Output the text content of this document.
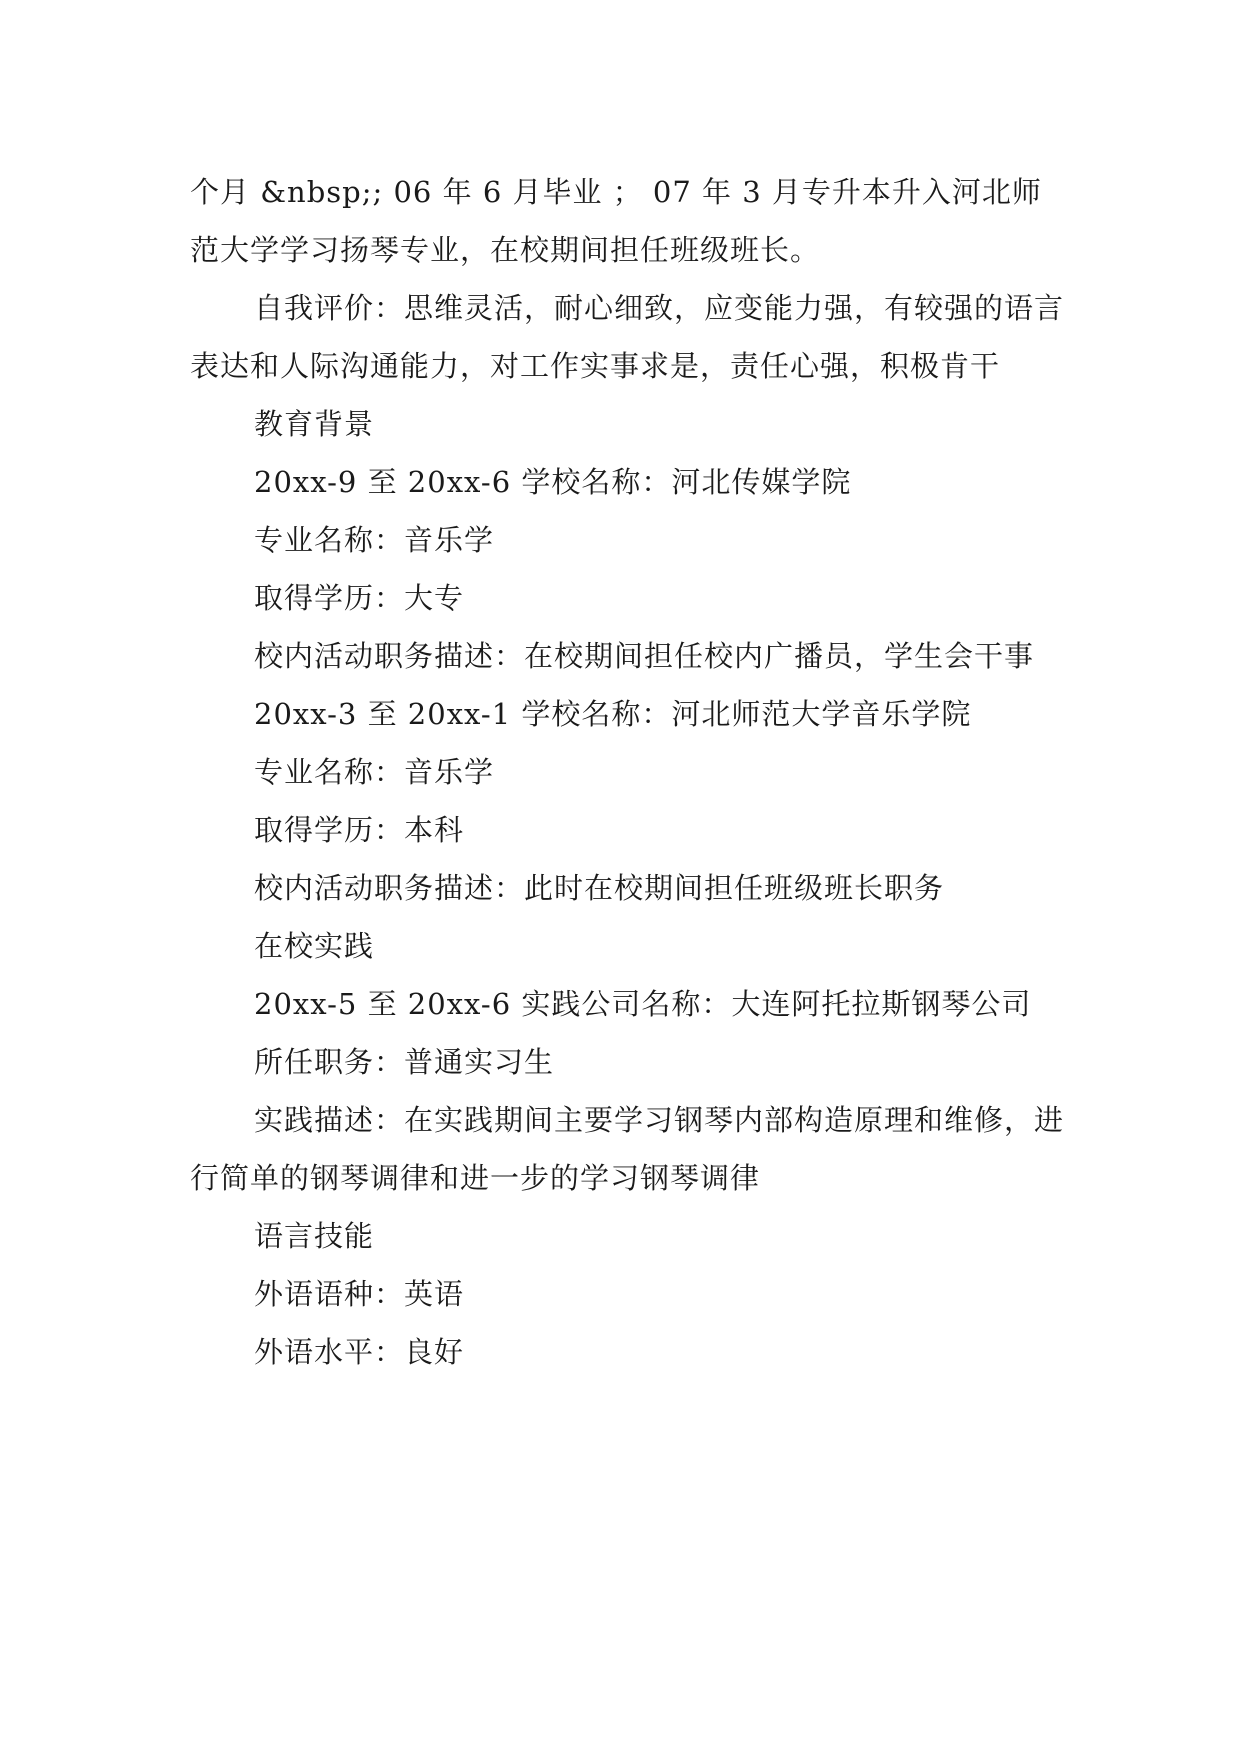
个月 &nbsp;; 06 年 6 月毕业 ； 07 年 3 月专升本升入河北师范大学学习扬琴专业，在校期间担任班级班长。

自我评价：思维灵活，耐心细致，应变能力强，有较强的语言表达和人际沟通能力，对工作实事求是，责任心强，积极肯干

教育背景

20xx-9 至 20xx-6 学校名称：河北传媒学院

专业名称：音乐学

取得学历：大专

校内活动职务描述：在校期间担任校内广播员，学生会干事

20xx-3 至 20xx-1 学校名称：河北师范大学音乐学院

专业名称：音乐学

取得学历：本科

校内活动职务描述：此时在校期间担任班级班长职务

在校实践

20xx-5 至 20xx-6 实践公司名称：大连阿托拉斯钢琴公司

所任职务：普通实习生

实践描述：在实践期间主要学习钢琴内部构造原理和维修，进行简单的钢琴调律和进一步的学习钢琴调律

语言技能

外语语种：英语

外语水平：良好
